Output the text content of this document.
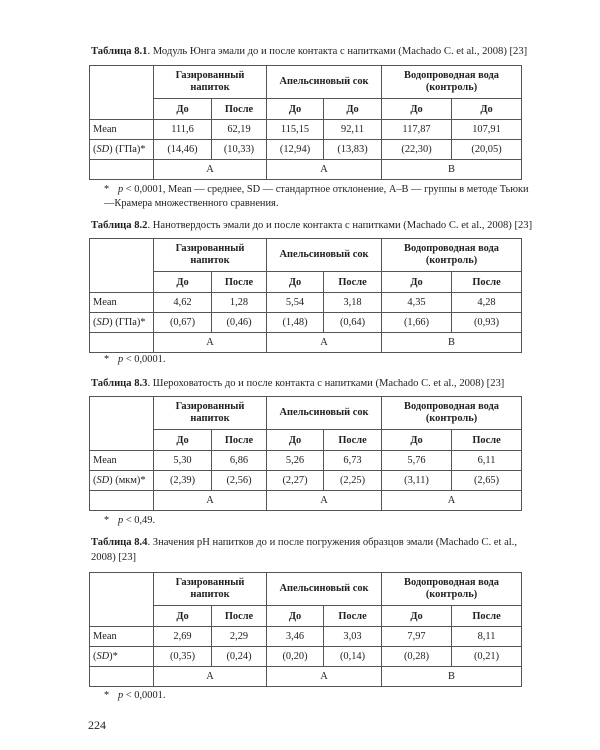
Таблица 8.1. Модуль Юнга эмали до и после контакта с напитками (Machado C. et al., 2008) [23]
	Газированный напиток		Апельсиновый сок		Водопроводная вода (контроль)	
	До	После	До	До	До	До
Mean	111,6	62,19	115,15	92,11	117,87	107,91
(SD) (ГПа)*	(14,46)	(10,33)	(12,94)	(13,83)	(22,30)	(20,05)
	A		A		B	
* p < 0,0001, Mean — среднее, SD — стандартное отклонение, A–B — группы в методе Тьюки—Крамера множественного сравнения.
Таблица 8.2. Нанотвердость эмали до и после контакта с напитками (Machado C. et al., 2008) [23]
	Газированный напиток		Апельсиновый сок		Водопроводная вода (контроль)	
	До	После	До	После	До	После
Mean	4,62	1,28	5,54	3,18	4,35	4,28
(SD) (ГПа)*	(0,67)	(0,46)	(1,48)	(0,64)	(1,66)	(0,93)
	A		A		B	
* p < 0,0001.
Таблица 8.3. Шероховатость до и после контакта с напитками (Machado C. et al., 2008) [23]
	Газированный напиток		Апельсиновый сок		Водопроводная вода (контроль)	
	До	После	До	После	До	После
Mean	5,30	6,86	5,26	6,73	5,76	6,11
(SD) (мкм)*	(2,39)	(2,56)	(2,27)	(2,25)	(3,11)	(2,65)
	A		A		A	
* p < 0,49.
Таблица 8.4. Значения pH напитков до и после погружения образцов эмали (Machado C. et al., 2008) [23]
	Газированный напиток		Апельсиновый сок		Водопроводная вода (контроль)	
	До	После	До	После	До	После
Mean	2,69	2,29	3,46	3,03	7,97	8,11
(SD)*	(0,35)	(0,24)	(0,20)	(0,14)	(0,28)	(0,21)
	A		A		B	
* p < 0,0001.
224
